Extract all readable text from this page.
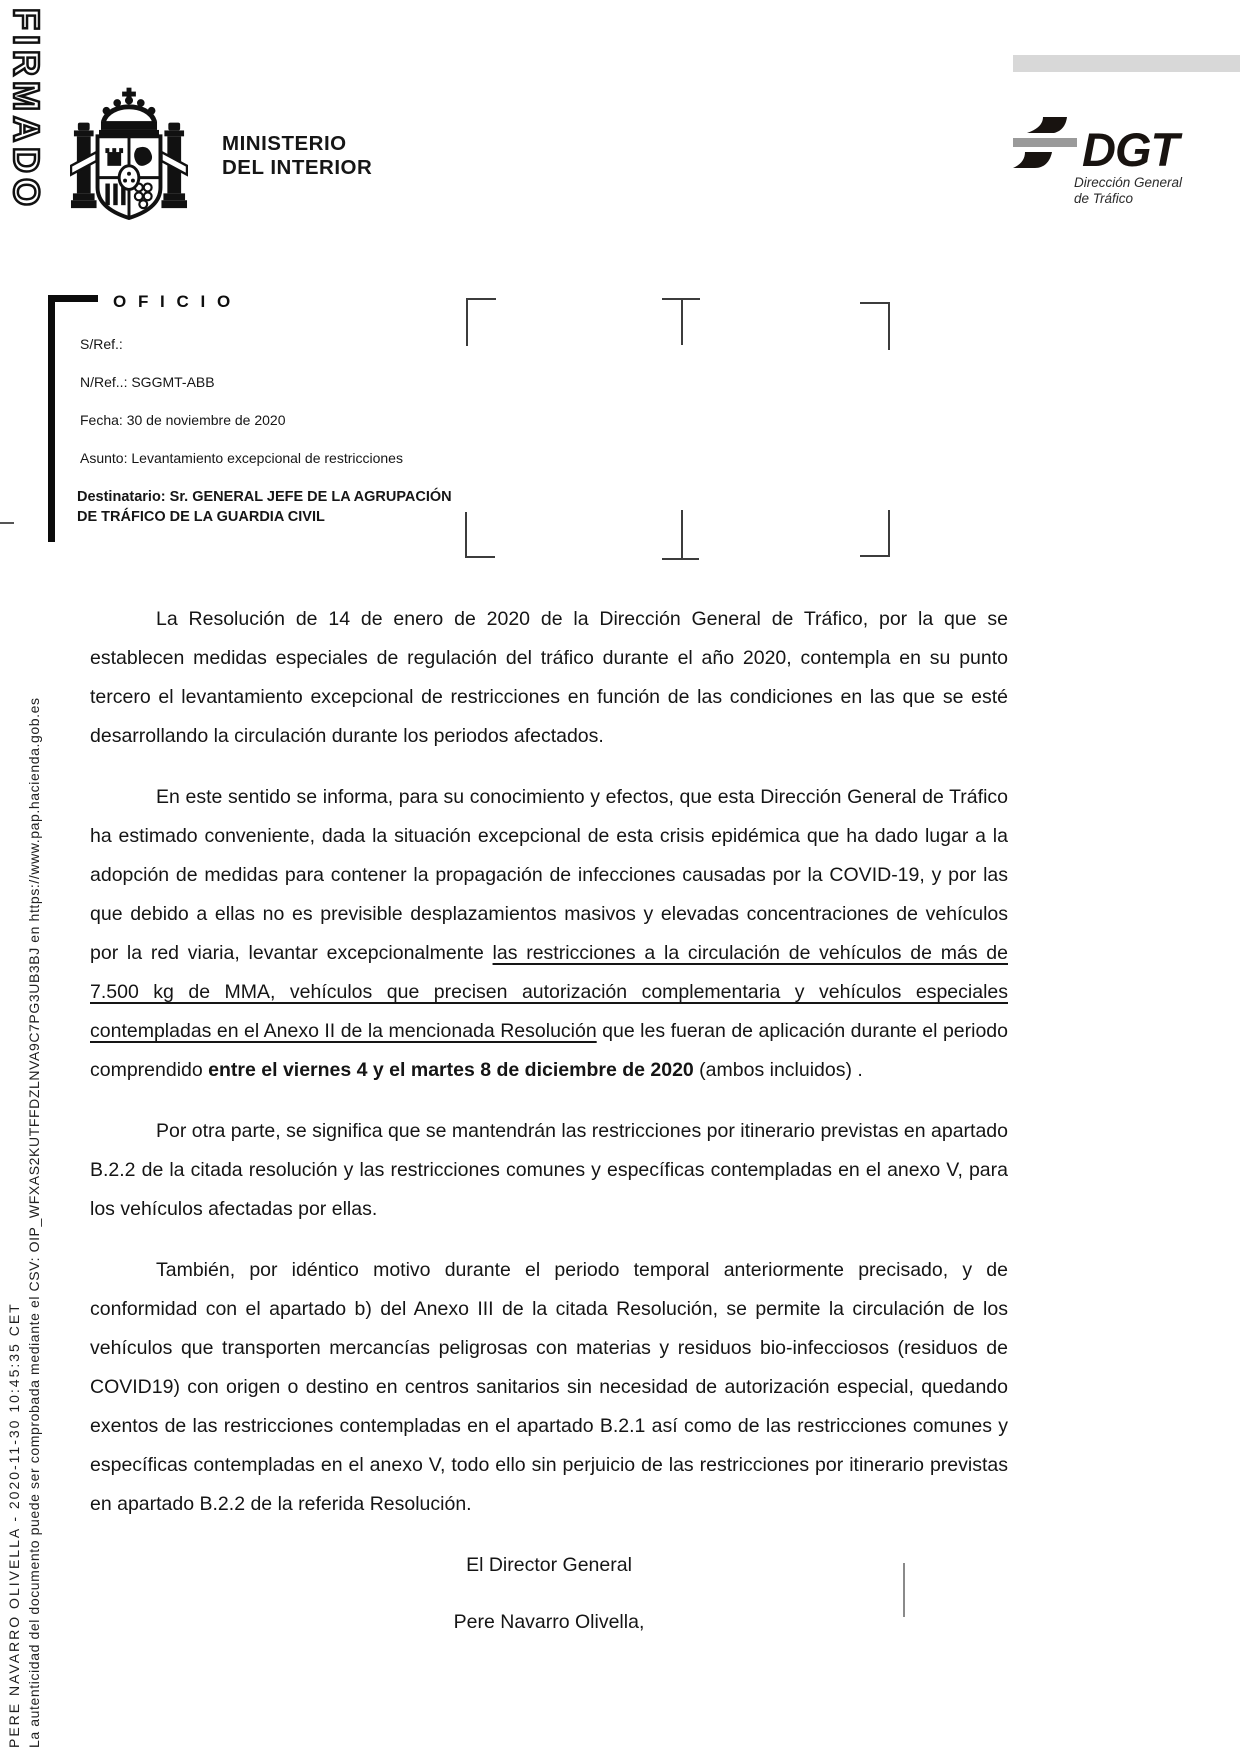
FIRMADO	MINISTERIO
DEL INTERIOR	DGT
Dirección General
de Tráfico
O F I C I O
S/Ref.:
N/Ref..: SGGMT-ABB
Fecha: 30 de noviembre de 2020
Asunto: Levantamiento excepcional de restricciones
Destinatario: Sr. GENERAL JEFE DE LA AGRUPACIÓN
DE TRÁFICO DE LA GUARDIA CIVIL

La Resolución de 14 de enero de 2020 de la Dirección General de Tráfico, por la que se establecen medidas especiales de regulación del tráfico durante el año 2020, contempla en su punto tercero el levantamiento excepcional de restricciones en función de las condiciones en las que se esté desarrollando la circulación durante los periodos afectados.

En este sentido se informa, para su conocimiento y efectos, que esta Dirección General de Tráfico ha estimado conveniente, dada la situación excepcional de esta crisis epidémica que ha dado lugar a la adopción de medidas para contener la propagación de infecciones causadas por la COVID-19, y por las que debido a ellas no es previsible desplazamientos masivos y elevadas concentraciones de vehículos por la red viaria, levantar excepcionalmente las restricciones a la circulación de vehículos de más de 7.500 kg de MMA, vehículos que precisen autorización complementaria y vehículos especiales contempladas en el Anexo II de la mencionada Resolución que les fueran de aplicación durante el periodo comprendido entre el viernes 4 y el martes 8 de diciembre de 2020 (ambos incluidos) .

Por otra parte, se significa que se mantendrán las restricciones por itinerario previstas en apartado B.2.2 de la citada resolución y las restricciones comunes y específicas contempladas en el anexo V, para los vehículos afectadas por ellas.

También, por idéntico motivo durante el periodo temporal anteriormente precisado, y de conformidad con el apartado b) del Anexo III de la citada Resolución, se permite la circulación de los vehículos que transporten mercancías peligrosas con materias y residuos bio-infecciosos (residuos de COVID19) con origen o destino en centros sanitarios sin necesidad de autorización especial, quedando exentos de las restricciones contempladas en el apartado B.2.1 así como de las restricciones comunes y específicas contempladas en el anexo V, todo ello sin perjuicio de las restricciones por itinerario previstas en apartado B.2.2 de la referida Resolución.

El Director General
Pere Navarro Olivella,
PERE NAVARRO OLIVELLA - 2020-11-30 10:45:35 CET La autenticidad del documento puede ser comprobada mediante el CSV: OIP_WFXAS2KUTFFDZLNVA9C7PG3UB3BJ en https://www.pap.hacienda.gob.es
